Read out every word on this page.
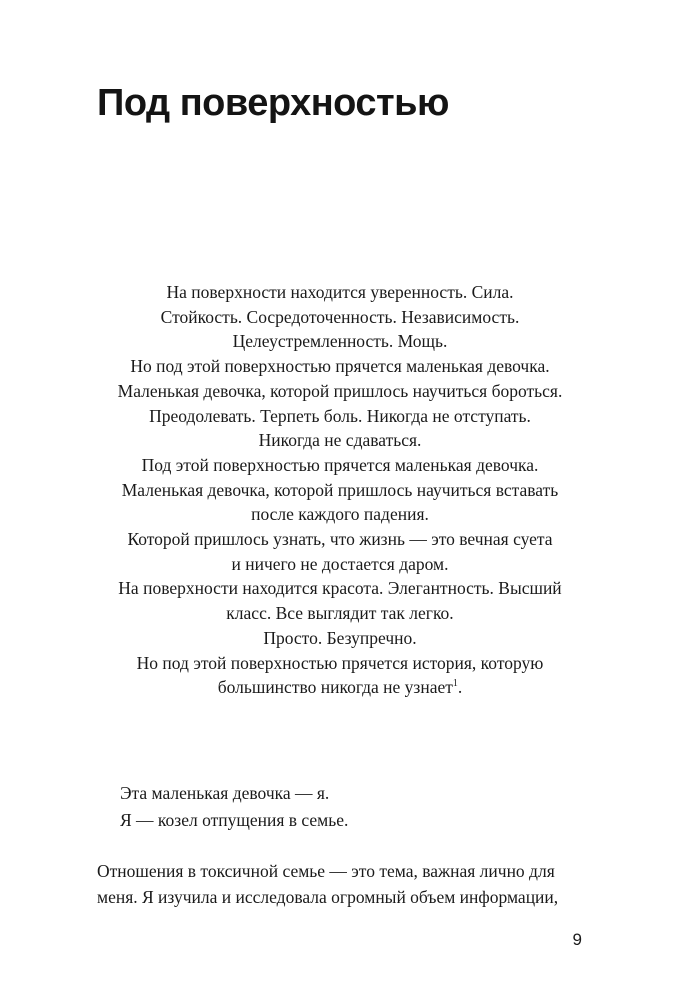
Под поверхностью
На поверхности находится уверенность. Сила.
Стойкость. Сосредоточенность. Независимость.
Целеустремленность. Мощь.
Но под этой поверхностью прячется маленькая девочка.
Маленькая девочка, которой пришлось научиться бороться.
Преодолевать. Терпеть боль. Никогда не отступать.
Никогда не сдаваться.
Под этой поверхностью прячется маленькая девочка.
Маленькая девочка, которой пришлось научиться вставать
после каждого падения.
Которой пришлось узнать, что жизнь — это вечная суета
и ничего не достается даром.
На поверхности находится красота. Элегантность. Высший
класс. Все выглядит так легко.
Просто. Безупречно.
Но под этой поверхностью прячется история, которую
большинство никогда не узнает$^1$.
Эта маленькая девочка — я.
Я — козел отпущения в семье.
Отношения в токсичной семье — это тема, важная лично для
меня. Я изучила и исследовала огромный объем информации,
9
